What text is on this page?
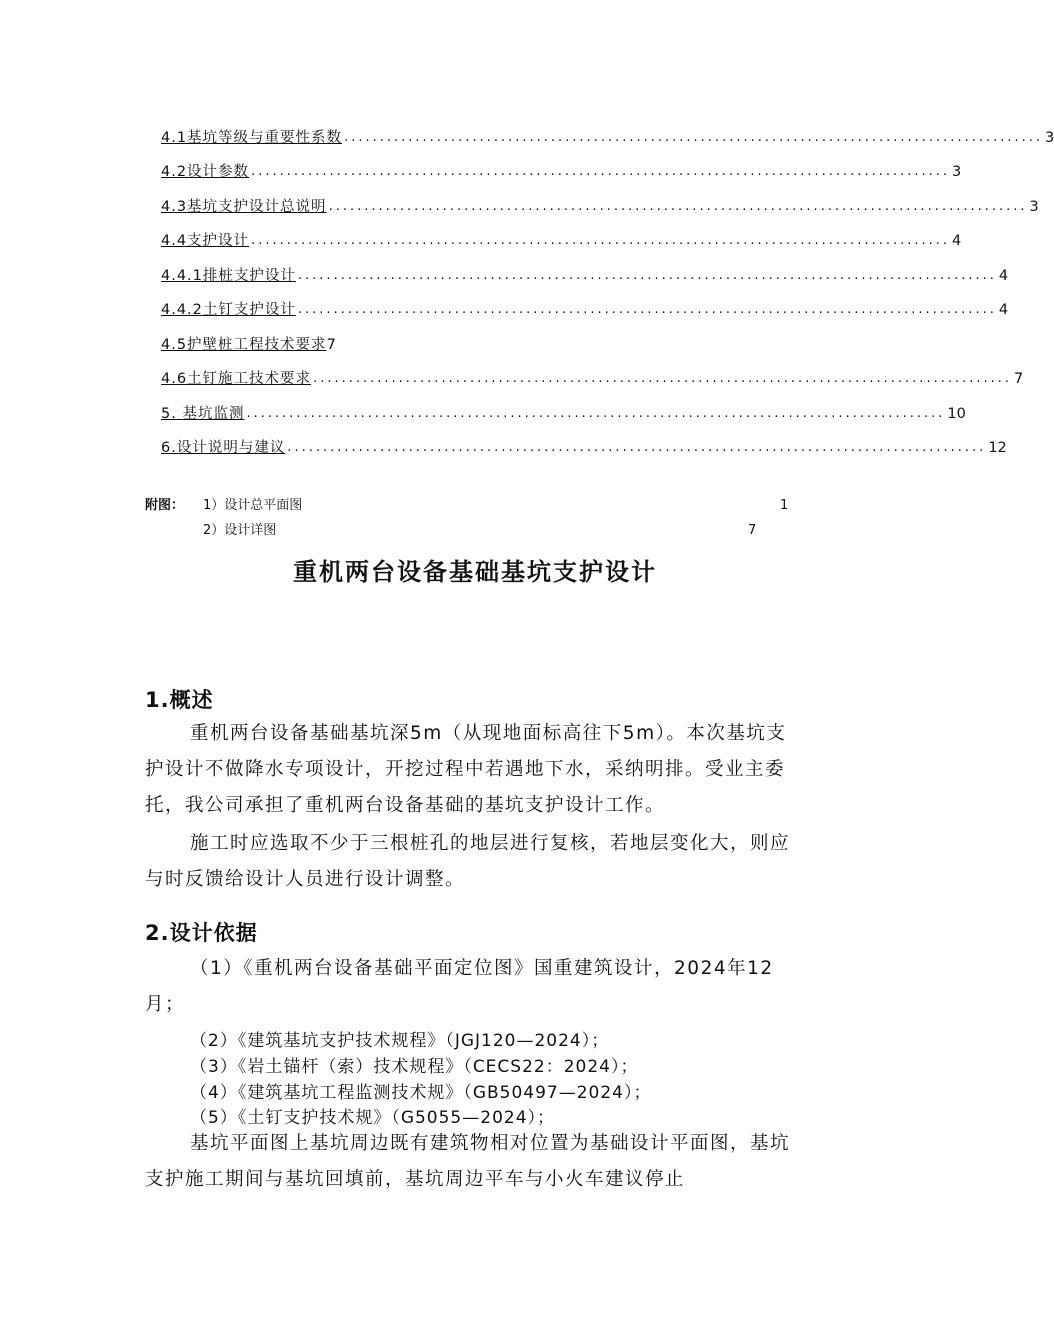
4.1基坑等级与重要性系数 .................................................................................................. 3
4.2设计参数 .................................................................................................. 3
4.3基坑支护设计总说明 .................................................................................................. 3
4.4支护设计 .................................................................................................. 4
4.4.1排桩支护设计 .................................................................................................. 4
4.4.2土钉支护设计 .................................................................................................. 4
4.5护壁桩工程技术要求 7
4.6土钉施工技术要求 .................................................................................................. 7
5. 基坑监测 .................................................................................................. 10
6.设计说明与建议 .................................................................................................. 12
附图： 1）设计总平面图	1
2）设计详图	7
重机两台设备基础基坑支护设计
1.概述
重机两台设备基础基坑深5m（从现地面标高往下5m）。本次基坑支护设计不做降水专项设计，开挖过程中若遇地下水，采纳明排。受业主委托，我公司承担了重机两台设备基础的基坑支护设计工作。
施工时应选取不少于三根桩孔的地层进行复核，若地层变化大，则应与时反馈给设计人员进行设计调整。
2.设计依据
（1）《重机两台设备基础平面定位图》国重建筑设计，2024年12月；
（2）《建筑基坑支护技术规程》（JGJ120—2024）；
（3）《岩土锚杆（索）技术规程》（CECS22：2024）；
（4）《建筑基坑工程监测技术规》（GB50497—2024）；
（5）《土钉支护技术规》（G5055—2024）；
基坑平面图上基坑周边既有建筑物相对位置为基础设计平面图，基坑支护施工期间与基坑回填前，基坑周边平车与小火车建议停止
